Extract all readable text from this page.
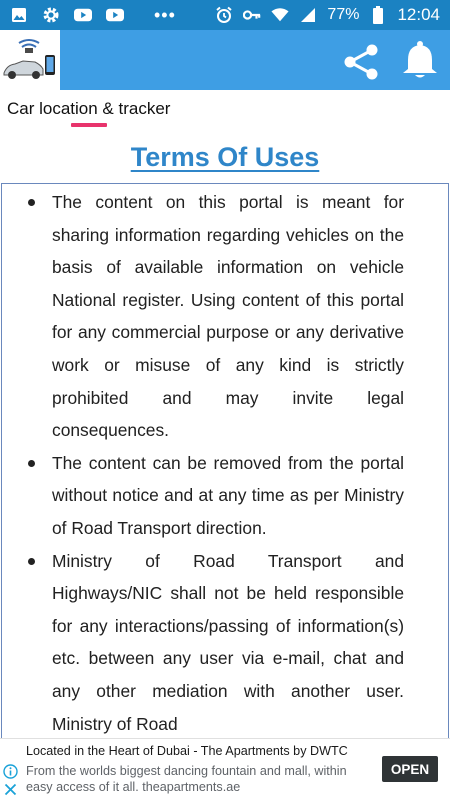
•••	77% 12:04
Car location & tracker
Terms Of Uses
The content on this portal is meant for sharing information regarding vehicles on the basis of available information on vehicle National register. Using content of this portal for any commercial purpose or any derivative work or misuse of any kind is strictly prohibited and may invite legal consequences.
The content can be removed from the portal without notice and at any time as per Ministry of Road Transport direction.
Ministry of Road Transport and Highways/NIC shall not be held responsible for any interactions/passing of information(s) etc. between any user via e-mail, chat and any other mediation with another user. Ministry of Road
Located in the Heart of Dubai - The Apartments by DWTC
From the worlds biggest dancing fountain and mall, within easy access of it all. theapartments.ae
OPEN
